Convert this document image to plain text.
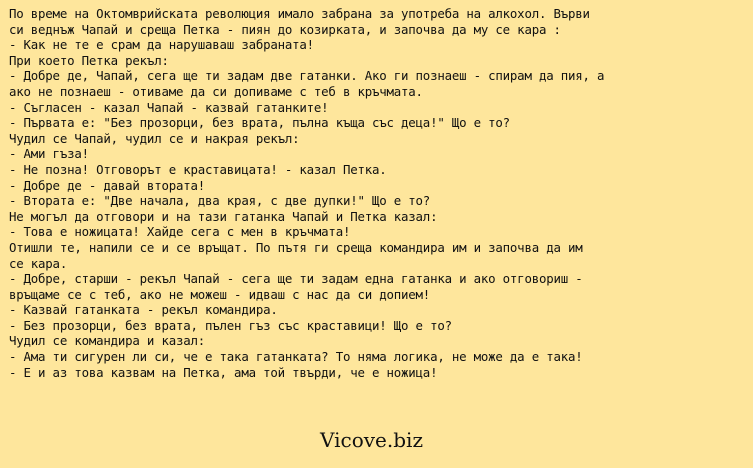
По време на Октомврийската революция имало забрана за употреба на алкохол. Върви
си веднъж Чапай и среща Петка - пиян до козирката, и започва да му се кара :
- Как не те е срам да нарушаваш забраната!
При което Петка рекъл:
- Добре де, Чапай, сега ще ти задам две гатанки. Ако ги познаеш - спирам да пия, а
ако не познаеш - отиваме да си допиваме с теб в кръчмата.
- Съгласен - казал Чапай - казвай гатанките!
- Първата е: "Без прозорци, без врата, пълна къща със деца!" Що е то?
Чудил се Чапай, чудил се и накрая рекъл:
- Ами гъза!
- Не позна! Отговорът е краставицата! - казал Петка.
- Добре де - давай втората!
- Втората е: "Две начала, два края, с две дупки!" Що е то?
Не могъл да отговори и на тази гатанка Чапай и Петка казал:
- Това е ножицата! Хайде сега с мен в кръчмата!
Отишли те, напили се и се връщат. По пътя ги среща командира им и започва да им
се кара.
- Добре, старши - рекъл Чапай - сега ще ти задам една гатанка и ако отговориш -
връщаме се с теб, ако не можеш - идваш с нас да си допием!
- Казвай гатанката - рекъл командира.
- Без прозорци, без врата, пълен гъз със краставици! Що е то?
Чудил се командира и казал:
- Ама ти сигурен ли си, че е така гатанката? То няма логика, не може да е така!
- Е и аз това казвам на Петка, ама той твърди, че е ножица!
Vicove.biz
